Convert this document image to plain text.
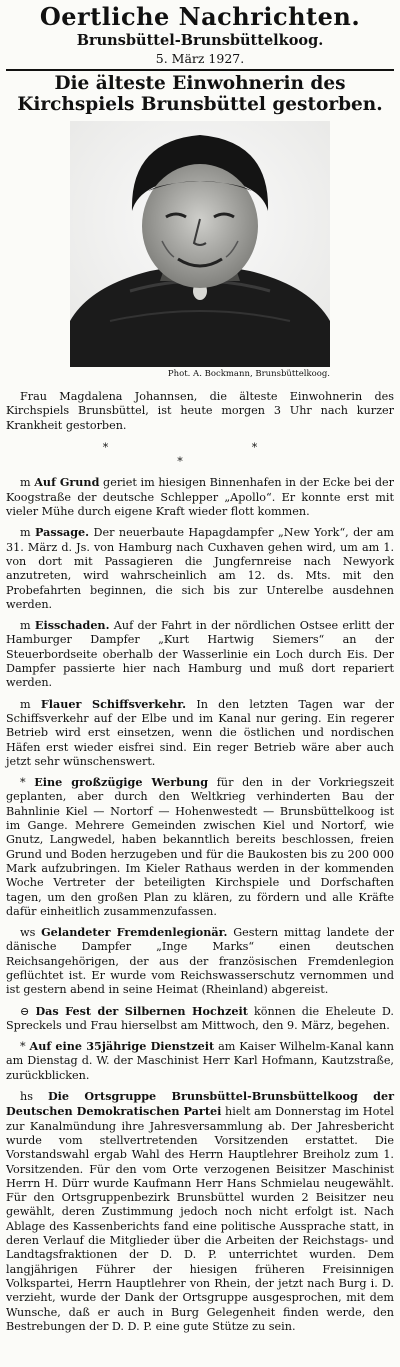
Oertliche Nachrichten.
Brunsbüttel-Brunsbüttelkoog.
5. März 1927.
Die älteste Einwohnerin des Kirchspiels Brunsbüttel gestorben.
Phot. A. Bockmann, Brunsbüttelkoog.

Frau Magdalena Johannsen, die älteste Einwohnerin des Kirchspiels Brunsbüttel, ist heute morgen 3 Uhr nach kurzer Krankheit gestorben.

* * *

m Auf Grund geriet im hiesigen Binnenhafen in der Ecke bei der Koogstraße der deutsche Schlepper „Apollo“. Er konnte erst mit vieler Mühe durch eigene Kraft wieder flott kommen.

m Passage. Der neuerbaute Hapagdampfer „New York“, der am 31. März d. Js. von Hamburg nach Cuxhaven gehen wird, um am 1. von dort mit Passagieren die Jungfernreise nach Newyork anzutreten, wird wahrscheinlich am 12. ds. Mts. mit den Probefahrten beginnen, die sich bis zur Unterelbe ausdehnen werden.

m Eisschaden. Auf der Fahrt in der nördlichen Ostsee erlitt der Hamburger Dampfer „Kurt Hartwig Siemers“ an der Steuerbordseite oberhalb der Wasserlinie ein Loch durch Eis. Der Dampfer passierte hier nach Hamburg und muß dort repariert werden.

m Flauer Schiffsverkehr. In den letzten Tagen war der Schiffsverkehr auf der Elbe und im Kanal nur gering. Ein regerer Betrieb wird erst einsetzen, wenn die östlichen und nordischen Häfen erst wieder eisfrei sind. Ein reger Betrieb wäre aber auch jetzt sehr wünschenswert.

* Eine großzügige Werbung für den in der Vorkriegszeit geplanten, aber durch den Weltkrieg verhinderten Bau der Bahnlinie Kiel — Nortorf — Hohenwestedt — Brunsbüttelkoog ist im Gange. Mehrere Gemeinden zwischen Kiel und Nortorf, wie Gnutz, Langwedel, haben bekanntlich bereits beschlossen, freien Grund und Boden herzugeben und für die Baukosten bis zu 200 000 Mark aufzubringen. Im Kieler Rathaus werden in der kommenden Woche Vertreter der beteiligten Kirchspiele und Dorfschaften tagen, um den großen Plan zu klären, zu fördern und alle Kräfte dafür einheitlich zusammenzufassen.

ws Gelandeter Fremdenlegionär. Gestern mittag landete der dänische Dampfer „Inge Marks“ einen deutschen Reichsangehörigen, der aus der französischen Fremdenlegion geflüchtet ist. Er wurde vom Reichswasserschutz vernommen und ist gestern abend in seine Heimat (Rheinland) abgereist.

⊖ Das Fest der Silbernen Hochzeit können die Eheleute D. Spreckels und Frau hierselbst am Mittwoch, den 9. März, begehen.

* Auf eine 35jährige Dienstzeit am Kaiser Wilhelm-Kanal kann am Dienstag d. W. der Maschinist Herr Karl Hofmann, Kautzstraße, zurückblicken.

hs Die Ortsgruppe Brunsbüttel-Brunsbüttelkoog der Deutschen Demokratischen Partei hielt am Donnerstag im Hotel zur Kanalmündung ihre Jahresversammlung ab. Der Jahresbericht wurde vom stellvertretenden Vorsitzenden erstattet. Die Vorstandswahl ergab Wahl des Herrn Hauptlehrer Breiholz zum 1. Vorsitzenden. Für den vom Orte verzogenen Beisitzer Maschinist Herrn H. Dürr wurde Kaufmann Herr Hans Schmielau neugewählt. Für den Ortsgruppenbezirk Brunsbüttel wurden 2 Beisitzer neu gewählt, deren Zustimmung jedoch noch nicht erfolgt ist. Nach Ablage des Kassenberichts fand eine politische Aussprache statt, in deren Verlauf die Mitglieder über die Arbeiten der Reichstags- und Landtagsfraktionen der D. D. P. unterrichtet wurden. Dem langjährigen Führer der hiesigen früheren Freisinnigen Volkspartei, Herrn Hauptlehrer von Rhein, der jetzt nach Burg i. D. verzieht, wurde der Dank der Ortsgruppe ausgesprochen, mit dem Wunsche, daß er auch in Burg Gelegenheit finden werde, den Bestrebungen der D. D. P. eine gute Stütze zu sein.
